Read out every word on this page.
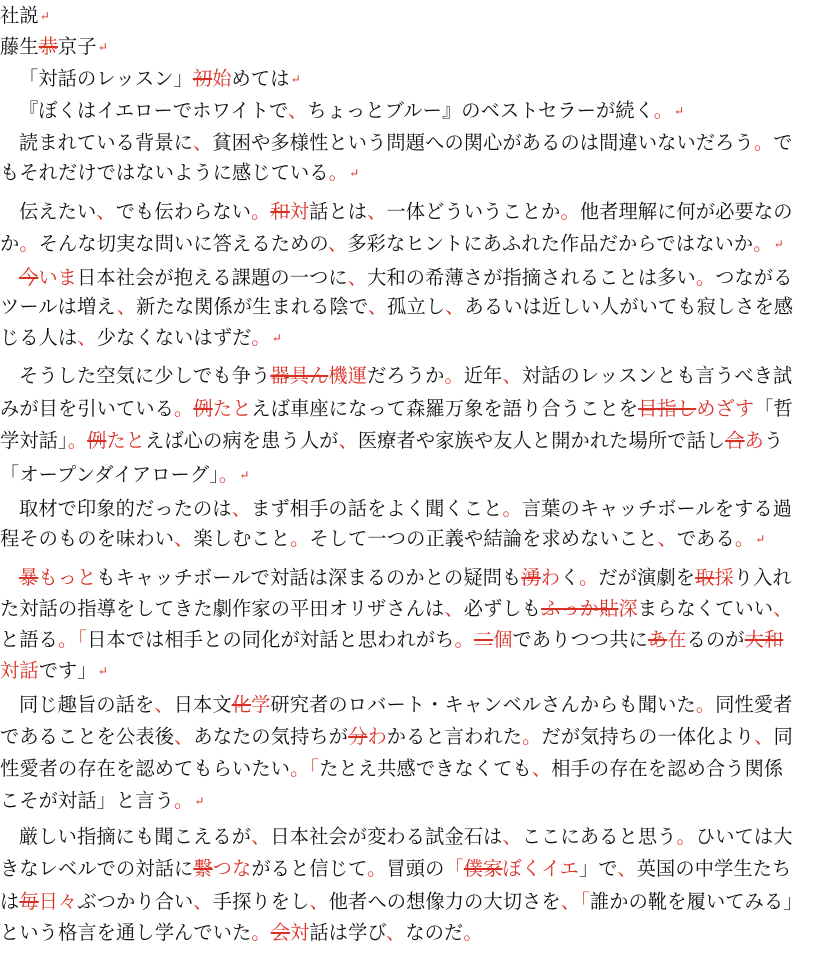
社説↵
藤生恭京子↵
「対話のレッスン」初始めては↵
『ぼくはイエローでホワイトで、ちょっとブルー』のベストセラーが続く。↵
読まれている背景に、貧困や多様性という問題への関心があるのは間違いないだろう。で
もそれだけではないように感じている。↵
伝えたい、でも伝わらない。和対話とは、一体どういうことか。他者理解に何が必要なの
か。そんな切実な問いに答えるための、多彩なヒントにあふれた作品だからではないか。↵
今いま日本社会が抱える課題の一つに、大和の希薄さが指摘されることは多い。つながる
ツールは増え、新たな関係が生まれる陰で、孤立し、あるいは近しい人がいても寂しさを感
じる人は、少なくないはずだ。↵
そうした空気に少しでも争う器具ん機運だろうか。近年、対話のレッスンとも言うべき試
みが目を引いている。例たとえば車座になって森羅万象を語り合うことを目指しめざす「哲
学対話」。例たとえば心の病を患う人が、医療者や家族や友人と開かれた場所で話し合あう
「オープンダイアローグ」。↵
取材で印象的だったのは、まず相手の話をよく聞くこと。言葉のキャッチボールをする過
程そのものを味わい、楽しむこと。そして一つの正義や結論を求めないこと、である。↵
暴もっともキャッチボールで対話は深まるのかとの疑問も湧わく。だが演劇を取採り入れ
た対話の指導をしてきた劇作家の平田オリザさんは、必ずしもふっか貼深まらなくていい、
と語る。「日本では相手との同化が対話と思われがち。二個でありつつ共にあ在るのが大和
対話です」↵
同じ趣旨の話を、日本文化学研究者のロバート・キャンベルさんからも聞いた。同性愛者
であることを公表後、あなたの気持ちが分わかると言われた。だが気持ちの一体化より、同
性愛者の存在を認めてもらいたい。「たとえ共感できなくても、相手の存在を認め合う関係
こそが対話」と言う。↵
厳しい指摘にも聞こえるが、日本社会が変わる試金石は、ここにあると思う。ひいては大
きなレベルでの対話に繋つながると信じて。冒頭の「僕家ぼくイエ」で、英国の中学生たち
は毎日々ぶつかり合い、手探りをし、他者への想像力の大切さを、「誰かの靴を履いてみる」
という格言を通し学んでいた。会対話は学び、なのだ。
